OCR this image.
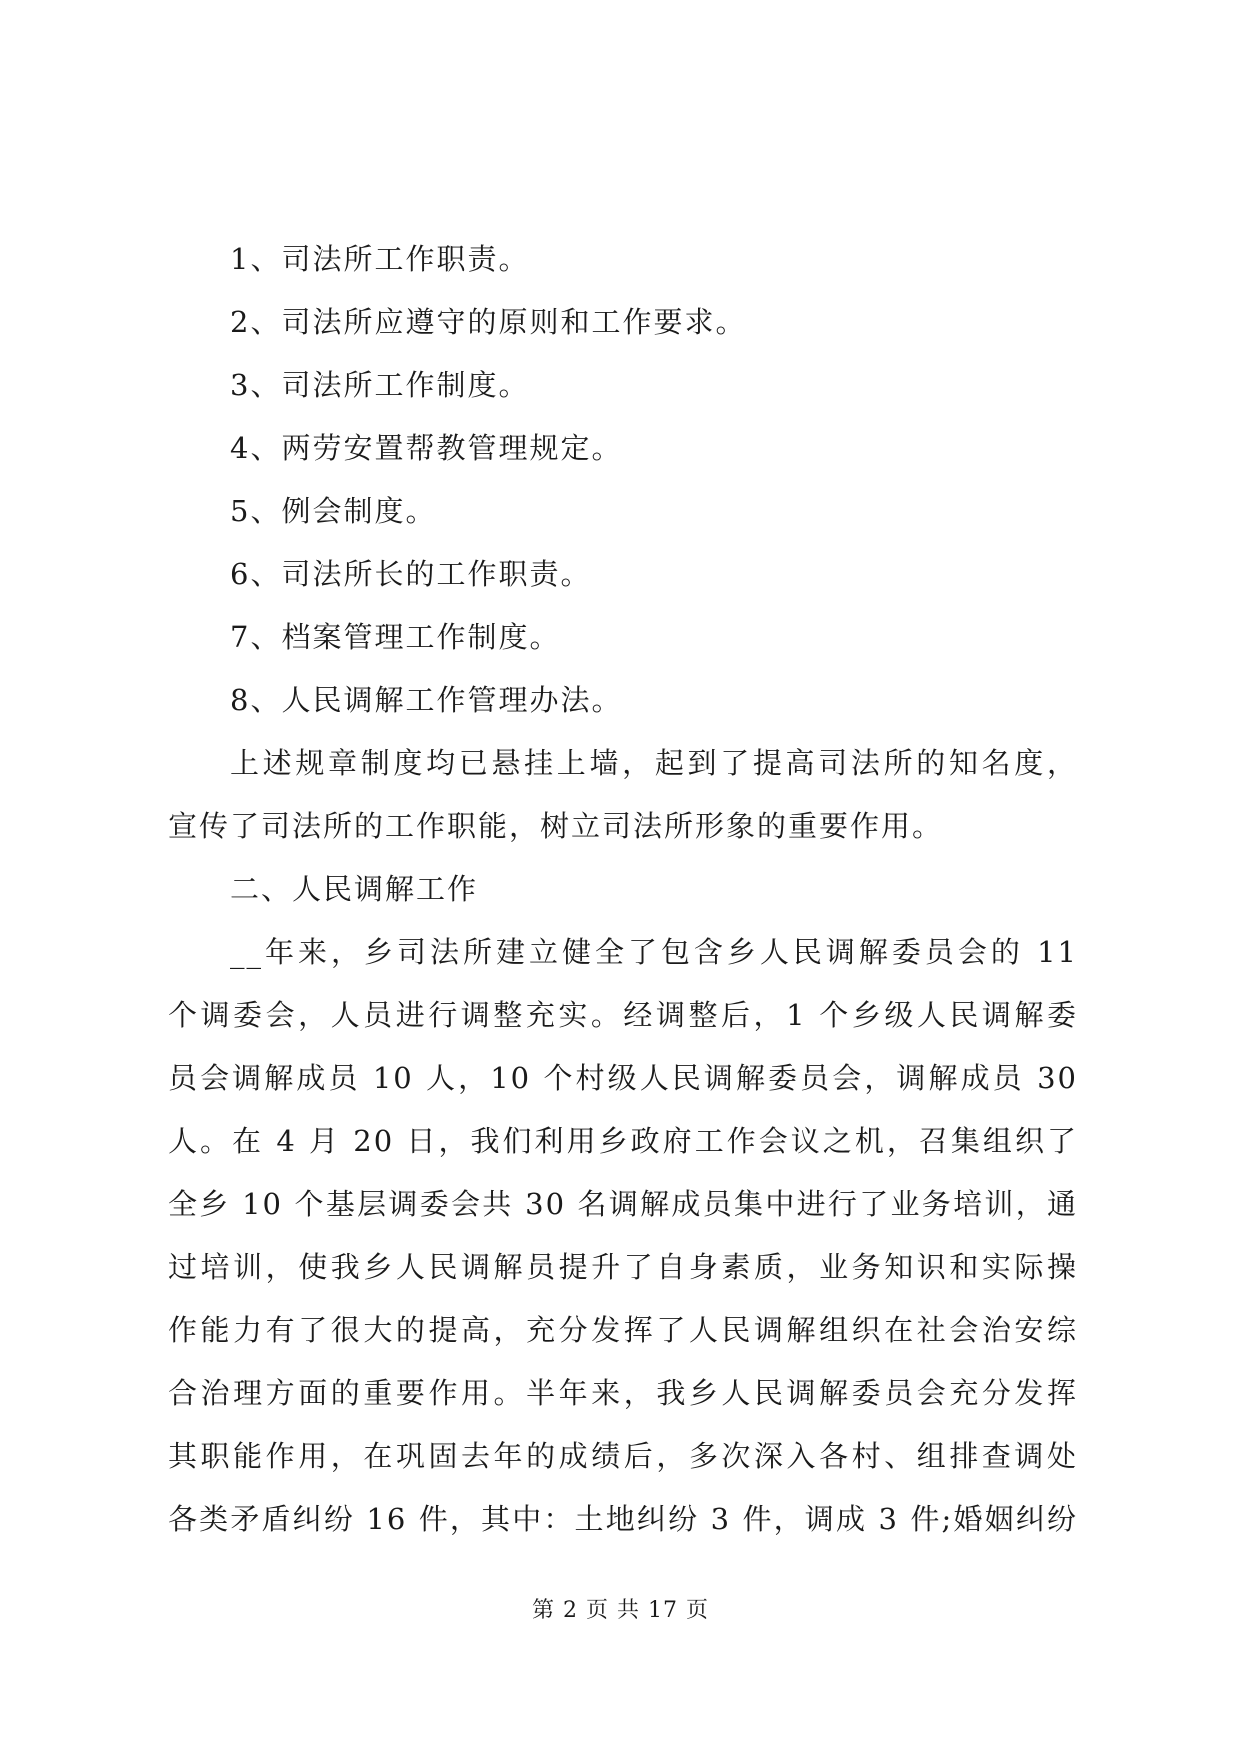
1、司法所工作职责。
2、司法所应遵守的原则和工作要求。
3、司法所工作制度。
4、两劳安置帮教管理规定。
5、例会制度。
6、司法所长的工作职责。
7、档案管理工作制度。
8、人民调解工作管理办法。
上述规章制度均已悬挂上墙，起到了提高司法所的知名度，
宣传了司法所的工作职能，树立司法所形象的重要作用。
二、人民调解工作
__年来，乡司法所建立健全了包含乡人民调解委员会的 11
个调委会，人员进行调整充实。经调整后，1 个乡级人民调解委
员会调解成员 10 人，10 个村级人民调解委员会，调解成员 30
人。在 4 月 20 日，我们利用乡政府工作会议之机，召集组织了
全乡 10 个基层调委会共 30 名调解成员集中进行了业务培训，通
过培训，使我乡人民调解员提升了自身素质，业务知识和实际操
作能力有了很大的提高，充分发挥了人民调解组织在社会治安综
合治理方面的重要作用。半年来，我乡人民调解委员会充分发挥
其职能作用，在巩固去年的成绩后，多次深入各村、组排查调处
各类矛盾纠纷 16 件，其中：土地纠纷 3 件，调成 3 件;婚姻纠纷
第 2 页 共 17 页
